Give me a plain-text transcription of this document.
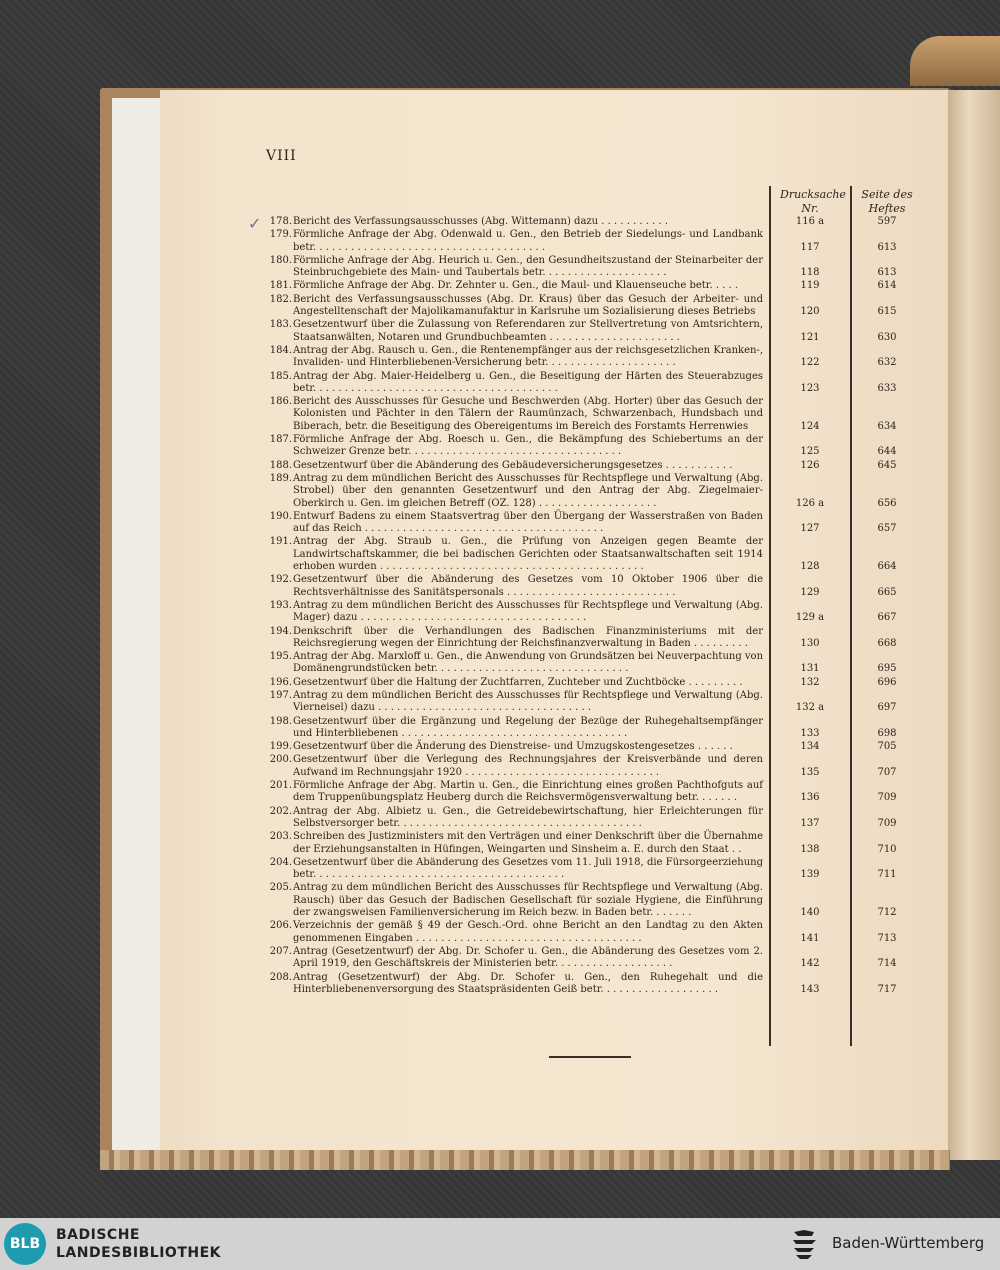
VIII
Drucksache Nr.
Seite des Heftes
✓ 178. Bericht des Verfassungsausschusses (Abg. Wittemann) dazu . . . . . . . . . . .	116 a	597
179. Förmliche Anfrage der Abg. Odenwald u. Gen., den Betrieb der Siedelungs- und Landbank betr. . . . . . . . . . . . . . . . . . . . . . . . . . . . . . . . . . . . .	117	613
180. Förmliche Anfrage der Abg. Heurich u. Gen., den Gesundheitszustand der Steinarbeiter der Steinbruchgebiete des Main- und Taubertals betr. . . . . . . . . . . . . . . . . . . .	118	613
181. Förmliche Anfrage der Abg. Dr. Zehnter u. Gen., die Maul- und Klauenseuche betr. . . . .	119	614
182. Bericht des Verfassungsausschusses (Abg. Dr. Kraus) über das Gesuch der Arbeiter- und Angestelltenschaft der Majolikamanufaktur in Karlsruhe um Sozialisierung dieses Betriebs	120	615
183. Gesetzentwurf über die Zulassung von Referendaren zur Stellvertretung von Amtsrichtern, Staatsanwälten, Notaren und Grundbuchbeamten . . . . . . . . . . . . . . . . . . . . .	121	630
184. Antrag der Abg. Rausch u. Gen., die Rentenempfänger aus der reichsgesetzlichen Kranken-, Invaliden- und Hinterbliebenen-Versicherung betr. . . . . . . . . . . . . . . . . . . . .	122	632
185. Antrag der Abg. Maier-Heidelberg u. Gen., die Beseitigung der Härten des Steuerabzuges betr. . . . . . . . . . . . . . . . . . . . . . . . . . . . . . . . . . . . . . .	123	633
186. Bericht des Ausschusses für Gesuche und Beschwerden (Abg. Horter) über das Gesuch der Kolonisten und Pächter in den Tälern der Raumünzach, Schwarzenbach, Hundsbach und Biberach, betr. die Beseitigung des Obereigentums im Bereich des Forstamts Herrenwies	124	634
187. Förmliche Anfrage der Abg. Roesch u. Gen., die Bekämpfung des Schiebertums an der Schweizer Grenze betr. . . . . . . . . . . . . . . . . . . . . . . . . . . . . . . . . .	125	644
188. Gesetzentwurf über die Abänderung des Gebäudeversicherungsgesetzes . . . . . . . . . . .	126	645
189. Antrag zu dem mündlichen Bericht des Ausschusses für Rechtspflege und Verwaltung (Abg. Strobel) über den genannten Gesetzentwurf und den Antrag der Abg. Ziegelmaier-Oberkirch u. Gen. im gleichen Betreff (OZ. 128) . . . . . . . . . . . . . . . . . . .	126 a	656
190. Entwurf Badens zu einem Staatsvertrag über den Übergang der Wasserstraßen von Baden auf das Reich . . . . . . . . . . . . . . . . . . . . . . . . . . . . . . . . . . . . . .	127	657
191. Antrag der Abg. Straub u. Gen., die Prüfung von Anzeigen gegen Beamte der Landwirtschaftskammer, die bei badischen Gerichten oder Staatsanwaltschaften seit 1914 erhoben wurden . . . . . . . . . . . . . . . . . . . . . . . . . . . . . . . . . . . . . . . . . .	128	664
192. Gesetzentwurf über die Abänderung des Gesetzes vom 10 Oktober 1906 über die Rechtsverhältnisse des Sanitätspersonals . . . . . . . . . . . . . . . . . . . . . . . . . . .	129	665
193. Antrag zu dem mündlichen Bericht des Ausschusses für Rechtspflege und Verwaltung (Abg. Mager) dazu . . . . . . . . . . . . . . . . . . . . . . . . . . . . . . . . . . . .	129 a	667
194. Denkschrift über die Verhandlungen des Badischen Finanzministeriums mit der Reichsregierung wegen der Einrichtung der Reichsfinanzverwaltung in Baden . . . . . . . . .	130	668
195. Antrag der Abg. Marxloff u. Gen., die Anwendung von Grundsätzen bei Neuverpachtung von Domänengrundstücken betr. . . . . . . . . . . . . . . . . . . . . . . . . . . . . . .	131	695
196. Gesetzentwurf über die Haltung der Zuchtfarren, Zuchteber und Zuchtböcke . . . . . . . . .	132	696
197. Antrag zu dem mündlichen Bericht des Ausschusses für Rechtspflege und Verwaltung (Abg. Vierneisel) dazu . . . . . . . . . . . . . . . . . . . . . . . . . . . . . . . . . .	132 a	697
198. Gesetzentwurf über die Ergänzung und Regelung der Bezüge der Ruhegehaltsempfänger und Hinterbliebenen . . . . . . . . . . . . . . . . . . . . . . . . . . . . . . . . . . . .	133	698
199. Gesetzentwurf über die Änderung des Dienstreise- und Umzugskostengesetzes . . . . . .	134	705
200. Gesetzentwurf über die Verlegung des Rechnungsjahres der Kreisverbände und deren Aufwand im Rechnungsjahr 1920 . . . . . . . . . . . . . . . . . . . . . . . . . . . . . . .	135	707
201. Förmliche Anfrage der Abg. Martin u. Gen., die Einrichtung eines großen Pachthofguts auf dem Truppenübungsplatz Heuberg durch die Reichsvermögensverwaltung betr. . . . . . .	136	709
202. Antrag der Abg. Albietz u. Gen., die Getreidebewirtschaftung, hier Erleichterungen für Selbstversorger betr. . . . . . . . . . . . . . . . . . . . . . . . . . . . . . . . . . . . . . .	137	709
203. Schreiben des Justizministers mit den Verträgen und einer Denkschrift über die Übernahme der Erziehungsanstalten in Hüfingen, Weingarten und Sinsheim a. E. durch den Staat . .	138	710
204. Gesetzentwurf über die Abänderung des Gesetzes vom 11. Juli 1918, die Fürsorgeerziehung betr. . . . . . . . . . . . . . . . . . . . . . . . . . . . . . . . . . . . . . . .	139	711
205. Antrag zu dem mündlichen Bericht des Ausschusses für Rechtspflege und Verwaltung (Abg. Rausch) über das Gesuch der Badischen Gesellschaft für soziale Hygiene, die Einführung der zwangsweisen Familienversicherung im Reich bezw. in Baden betr. . . . . . .	140	712
206. Verzeichnis der gemäß § 49 der Gesch.-Ord. ohne Bericht an den Landtag zu den Akten genommenen Eingaben . . . . . . . . . . . . . . . . . . . . . . . . . . . . . . . . . . . .	141	713
207. Antrag (Gesetzentwurf) der Abg. Dr. Schofer u. Gen., die Abänderung des Gesetzes vom 2. April 1919, den Geschäftskreis der Ministerien betr. . . . . . . . . . . . . . . . . . .	142	714
208. Antrag (Gesetzentwurf) der Abg. Dr. Schofer u. Gen., den Ruhegehalt und die Hinterbliebenenversorgung des Staatspräsidenten Geiß betr. . . . . . . . . . . . . . . . . . .	143	717
BLB
BADISCHE
LANDESBIBLIOTHEK
Baden-Württemberg
